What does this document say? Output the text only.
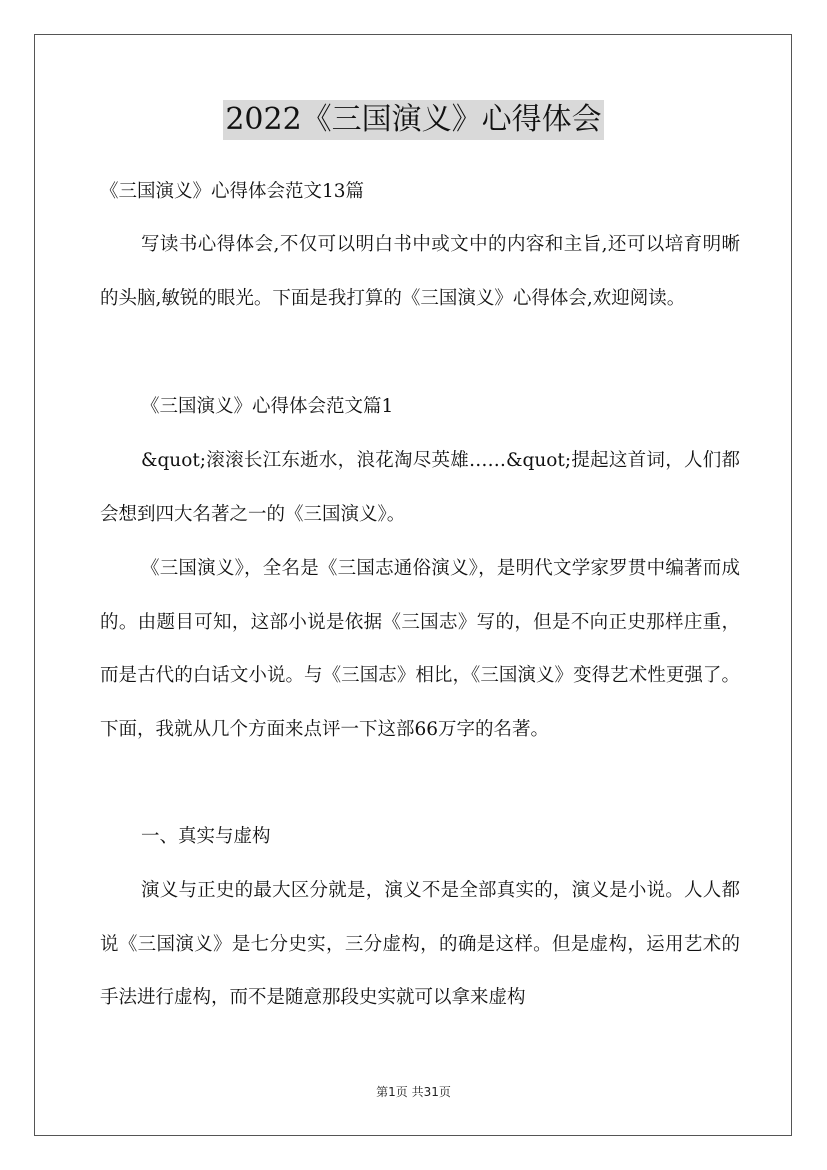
2022《三国演义》心得体会

《三国演义》心得体会范文13篇

写读书心得体会,不仅可以明白书中或文中的内容和主旨,还可以培育明晰的头脑,敏锐的眼光。下面是我打算的《三国演义》心得体会,欢迎阅读。

《三国演义》心得体会范文篇1

&quot;滚滚长江东逝水，浪花淘尽英雄……&quot;提起这首词，人们都会想到四大名著之一的《三国演义》。

《三国演义》，全名是《三国志通俗演义》，是明代文学家罗贯中编著而成的。由题目可知，这部小说是依据《三国志》写的，但是不向正史那样庄重，而是古代的白话文小说。与《三国志》相比，《三国演义》变得艺术性更强了。下面，我就从几个方面来点评一下这部66万字的名著。

一、真实与虚构

演义与正史的最大区分就是，演义不是全部真实的，演义是小说。人人都说《三国演义》是七分史实，三分虚构，的确是这样。但是虚构，运用艺术的手法进行虚构，而不是随意那段史实就可以拿来虚构

第1页 共31页
